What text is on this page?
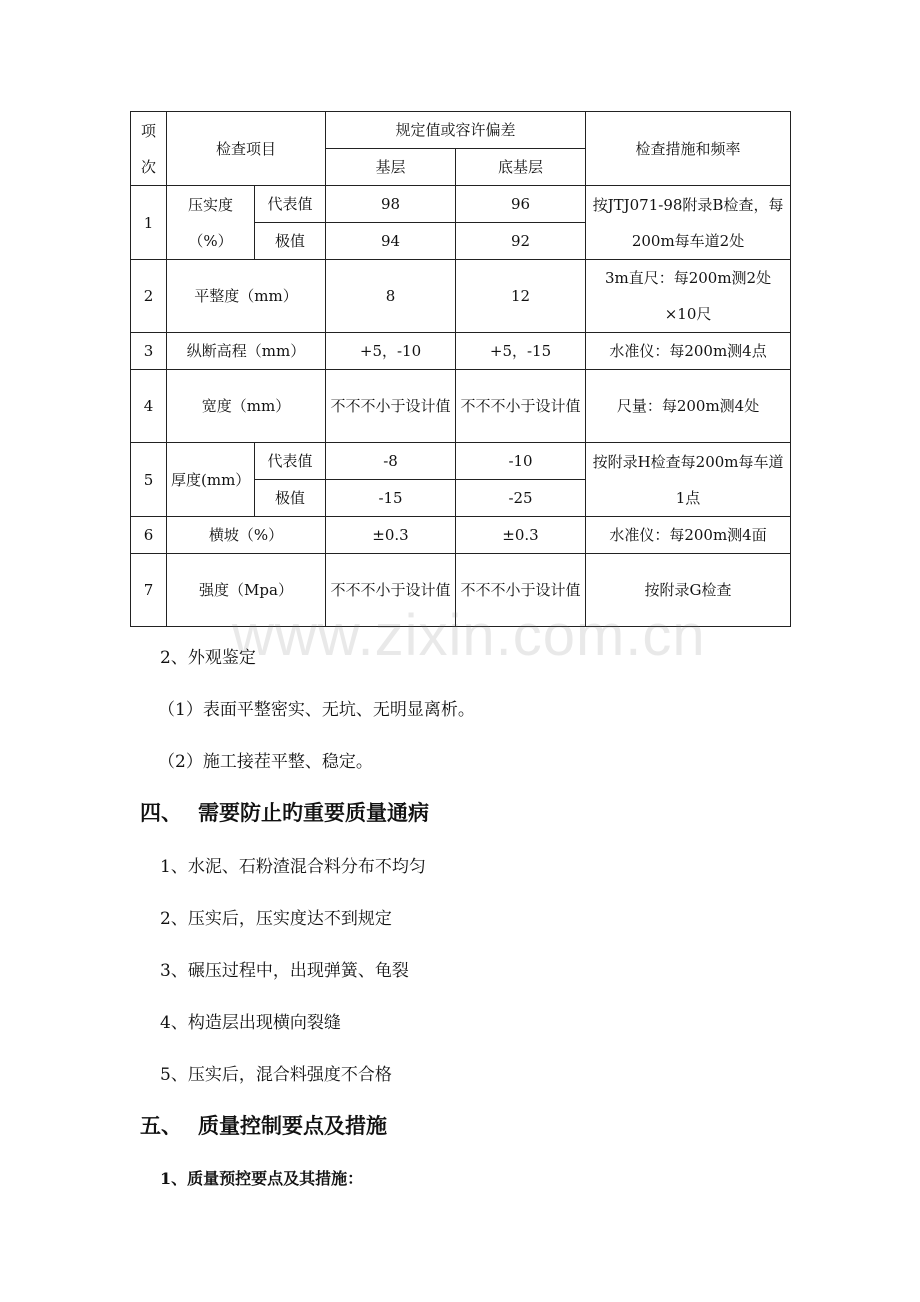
项次	检查项目		规定值或容许偏差		检查措施和频率
			基层	底基层	
1	压实度（%）	代表值	98	96	按JTJ071-98附录B检查，每200m每车道2处
		极值	94	92	
2	平整度（mm）		8	12	3m直尺：每200m测2处×10尺
3	纵断高程（mm）		+5，-10	+5，-15	水准仪：每200m测4点
4	宽度（mm）		不不不小于设计值	不不不小于设计值	尺量：每200m测4处
5	厚度(mm）	代表值	-8	-10	按附录H检查每200m每车道1点
		极值	-15	-25	
6	横坡（%）		±0.3	±0.3	水准仪：每200m测4面
7	强度（Mpa）		不不不小于设计值	不不不小于设计值	按附录G检查
www.zixin.com.cn
2、外观鉴定
（1）表面平整密实、无坑、无明显离析。
（2）施工接茬平整、稳定。
四、 需要防止旳重要质量通病
1、水泥、石粉渣混合料分布不均匀
2、压实后，压实度达不到规定
3、碾压过程中，出现弹簧、龟裂
4、构造层出现横向裂缝
5、压实后，混合料强度不合格
五、 质量控制要点及措施
1、质量预控要点及其措施：
